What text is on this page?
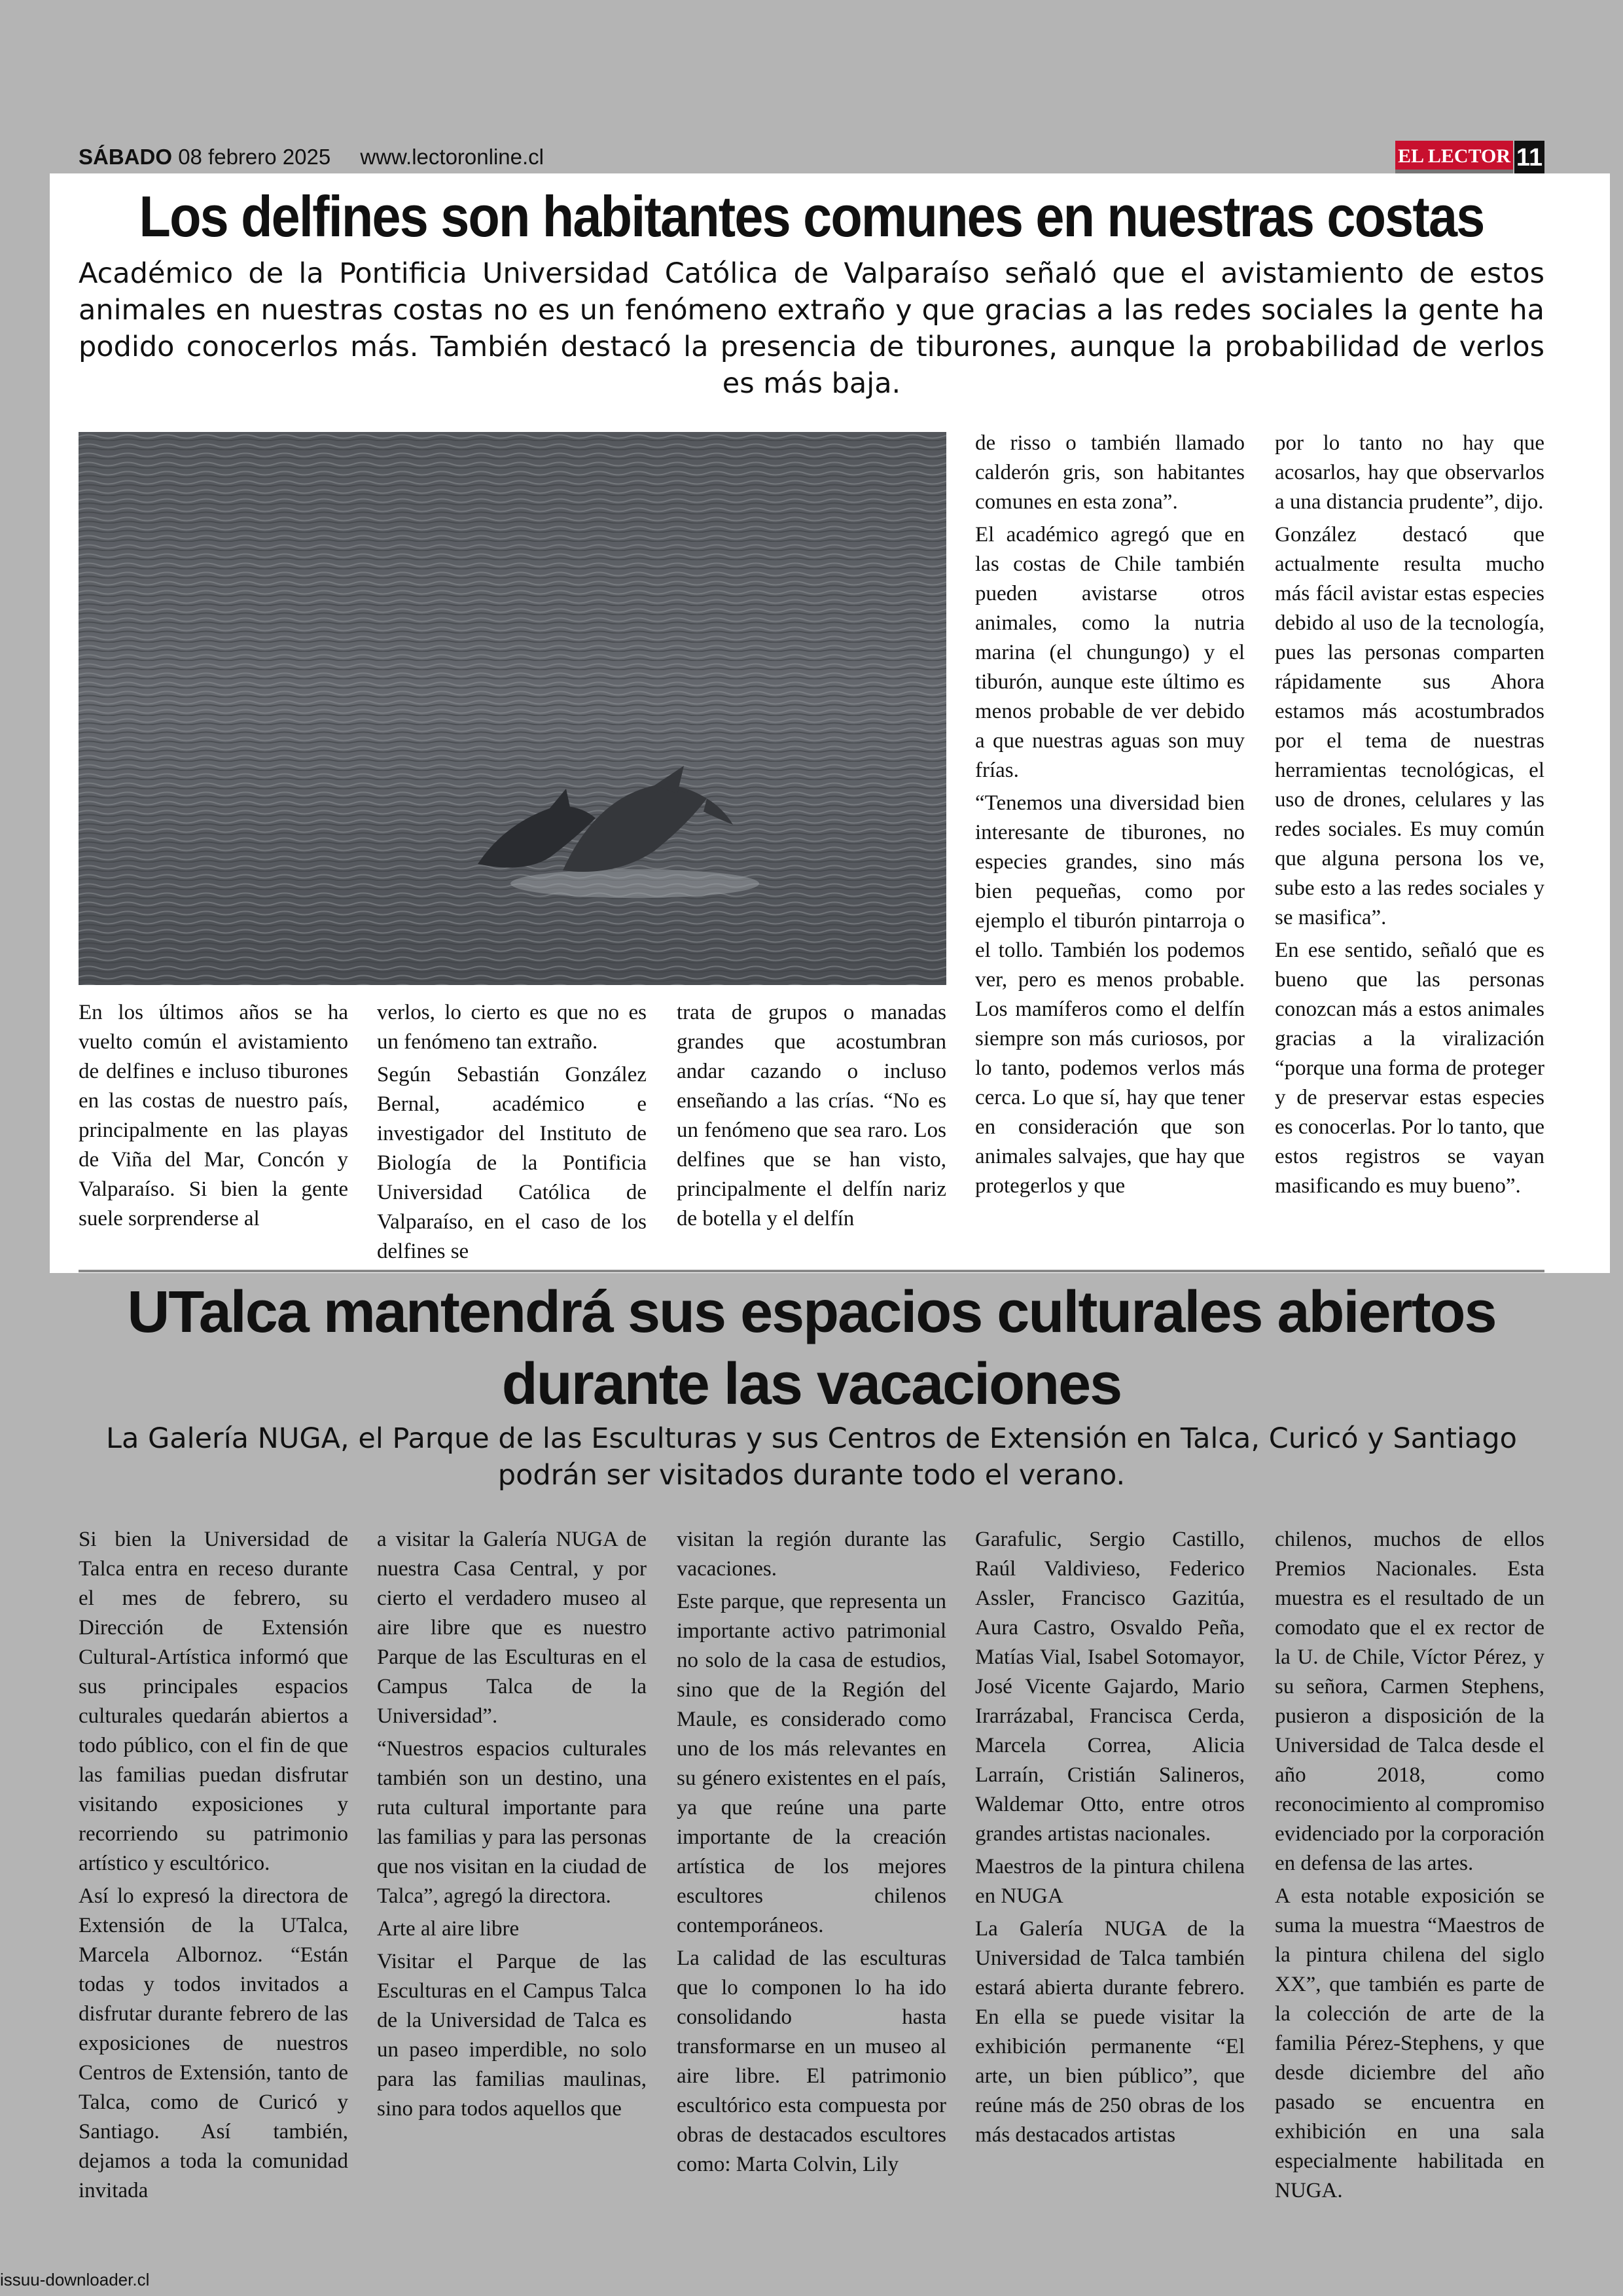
SÁBADO 08 febrero 2025 www.lectoronline.cl	EL LECTOR 11
Los delfines son habitantes comunes en nuestras costas
Académico de la Pontificia Universidad Católica de Valparaíso señaló que el avistamiento de estos animales en nuestras costas no es un fenómeno extraño y que gracias a las redes sociales la gente ha podido conocerlos más. También destacó la presencia de tiburones, aunque la probabilidad de verlos es más baja.

En los últimos años se ha vuelto común el avistamiento de delfines e incluso tiburones en las costas de nuestro país, principalmente en las playas de Viña del Mar, Concón y Valparaíso. Si bien la gente suele sorprenderse al

verlos, lo cierto es que no es un fenómeno tan extraño.

Según Sebastián González Bernal, académico e investigador del Instituto de Biología de la Pontificia Universidad Católica de Valparaíso, en el caso de los delfines se

trata de grupos o manadas grandes que acostumbran andar cazando o incluso enseñando a las crías. “No es un fenómeno que sea raro. Los delfines que se han visto, principalmente el delfín nariz de botella y el delfín

de risso o también llamado calderón gris, son habitantes comunes en esta zona”.

El académico agregó que en las costas de Chile también pueden avistarse otros animales, como la nutria marina (el chungungo) y el tiburón, aunque este último es menos probable de ver debido a que nuestras aguas son muy frías.

“Tenemos una diversidad bien interesante de tiburones, no especies grandes, sino más bien pequeñas, como por ejemplo el tiburón pintarroja o el tollo. También los podemos ver, pero es menos probable. Los mamíferos como el delfín siempre son más curiosos, por lo tanto, podemos verlos más cerca. Lo que sí, hay que tener en consideración que son animales salvajes, que hay que protegerlos y que

por lo tanto no hay que acosarlos, hay que observarlos a una distancia prudente”, dijo.

González destacó que actualmente resulta mucho más fácil avistar estas especies debido al uso de la tecnología, pues las personas comparten rápidamente sus Ahora estamos más acostumbrados por el tema de nuestras herramientas tecnológicas, el uso de drones, celulares y las redes sociales. Es muy común que alguna persona los ve, sube esto a las redes sociales y se masifica”.

En ese sentido, señaló que es bueno que las personas conozcan más a estos animales gracias a la viralización “porque una forma de proteger y de preservar estas especies es conocerlas. Por lo tanto, que estos registros se vayan masificando es muy bueno”.

UTalca mantendrá sus espacios culturales abiertos
durante las vacaciones
La Galería NUGA, el Parque de las Esculturas y sus Centros de Extensión en Talca, Curicó y Santiago podrán ser visitados durante todo el verano.

Si bien la Universidad de Talca entra en receso durante el mes de febrero, su Dirección de Extensión Cultural-Artística informó que sus principales espacios culturales quedarán abiertos a todo público, con el fin de que las familias puedan disfrutar visitando exposiciones y recorriendo su patrimonio artístico y escultórico.

Así lo expresó la directora de Extensión de la UTalca, Marcela Albornoz. “Están todas y todos invitados a disfrutar durante febrero de las exposiciones de nuestros Centros de Extensión, tanto de Talca, como de Curicó y Santiago. Así también, dejamos a toda la comunidad invitada

a visitar la Galería NUGA de nuestra Casa Central, y por cierto el verdadero museo al aire libre que es nuestro Parque de las Esculturas en el Campus Talca de la Universidad”.

“Nuestros espacios culturales también son un destino, una ruta cultural importante para las familias y para las personas que nos visitan en la ciudad de Talca”, agregó la directora.

Arte al aire libre

Visitar el Parque de las Esculturas en el Campus Talca de la Universidad de Talca es un paseo imperdible, no solo para las familias maulinas, sino para todos aquellos que

visitan la región durante las vacaciones.

Este parque, que representa un importante activo patrimonial no solo de la casa de estudios, sino que de la Región del Maule, es considerado como uno de los más relevantes en su género existentes en el país, ya que reúne una parte importante de la creación artística de los mejores escultores chilenos contemporáneos.

La calidad de las esculturas que lo componen lo ha ido consolidando hasta transformarse en un museo al aire libre. El patrimonio escultórico esta compuesta por obras de destacados escultores como: Marta Colvin, Lily

Garafulic, Sergio Castillo, Raúl Valdivieso, Federico Assler, Francisco Gazitúa, Aura Castro, Osvaldo Peña, Matías Vial, Isabel Sotomayor, José Vicente Gajardo, Mario Irarrázabal, Francisca Cerda, Marcela Correa, Alicia Larraín, Cristián Salineros, Waldemar Otto, entre otros grandes artistas nacionales.

Maestros de la pintura chilena en NUGA

La Galería NUGA de la Universidad de Talca también estará abierta durante febrero. En ella se puede visitar la exhibición permanente “El arte, un bien público”, que reúne más de 250 obras de los más destacados artistas

chilenos, muchos de ellos Premios Nacionales. Esta muestra es el resultado de un comodato que el ex rector de la U. de Chile, Víctor Pérez, y su señora, Carmen Stephens, pusieron a disposición de la Universidad de Talca desde el año 2018, como reconocimiento al compromiso evidenciado por la corporación en defensa de las artes.

A esta notable exposición se suma la muestra “Maestros de la pintura chilena del siglo XX”, que también es parte de la colección de arte de la familia Pérez-Stephens, y que desde diciembre del año pasado se encuentra en exhibición en una sala especialmente habilitada en NUGA.

issuu-downloader.cl
